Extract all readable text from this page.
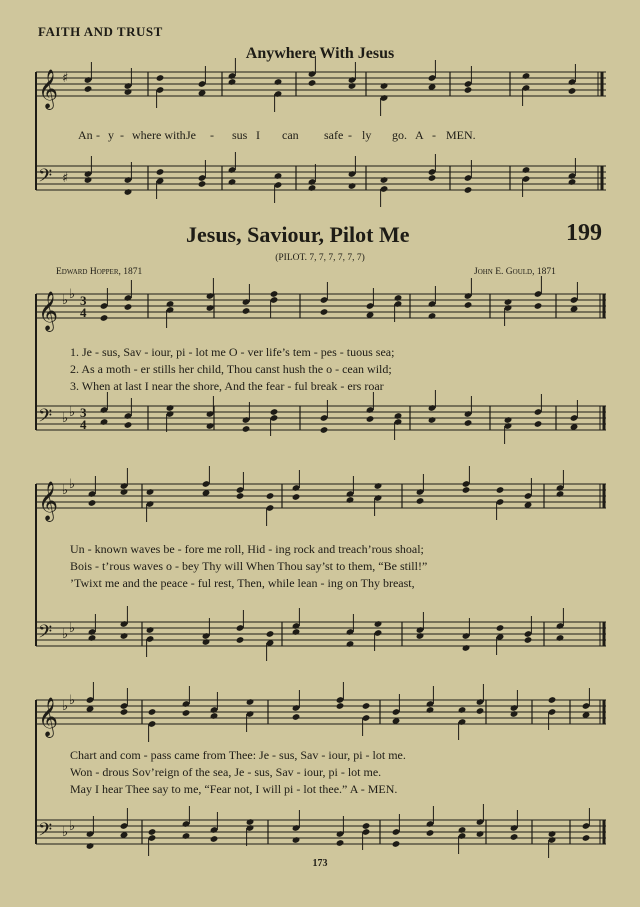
FAITH AND TRUST
Anywhere With Jesus
𝄞 ♯
𝄢 ♯
𝄞 ♭ ♭ 3
4
𝄢 ♭ ♭ 3
4
𝄞 ♭ ♭
𝄢 ♭ ♭
𝄞 ♭ ♭
𝄢 ♭ ♭
An - y - where with Je - sus I can safe - ly go. A - MEN.
Jesus, Saviour, Pilot Me	199
(PILOT. 7, 7, 7, 7, 7, 7)
Edward Hopper, 1871	John E. Gould, 1871
1. Je - sus, Sav - iour, pi - lot me O - ver life’s tem - pes - tuous sea;
2. As a moth - er stills her child, Thou canst hush the o - cean wild;
3. When at last I near the shore, And the fear - ful break - ers roar
Un - known waves be - fore me roll, Hid - ing rock and treach’rous shoal;
Bois - t’rous waves o - bey Thy will When Thou say’st to them, “Be still!”
’Twixt me and the peace - ful rest, Then, while lean - ing on Thy breast,
Chart and com - pass came from Thee: Je - sus, Sav - iour, pi - lot me.
Won - drous Sov’reign of the sea, Je - sus, Sav - iour, pi - lot me.
May I hear Thee say to me, “Fear not, I will pi - lot thee.” A - MEN.
173
